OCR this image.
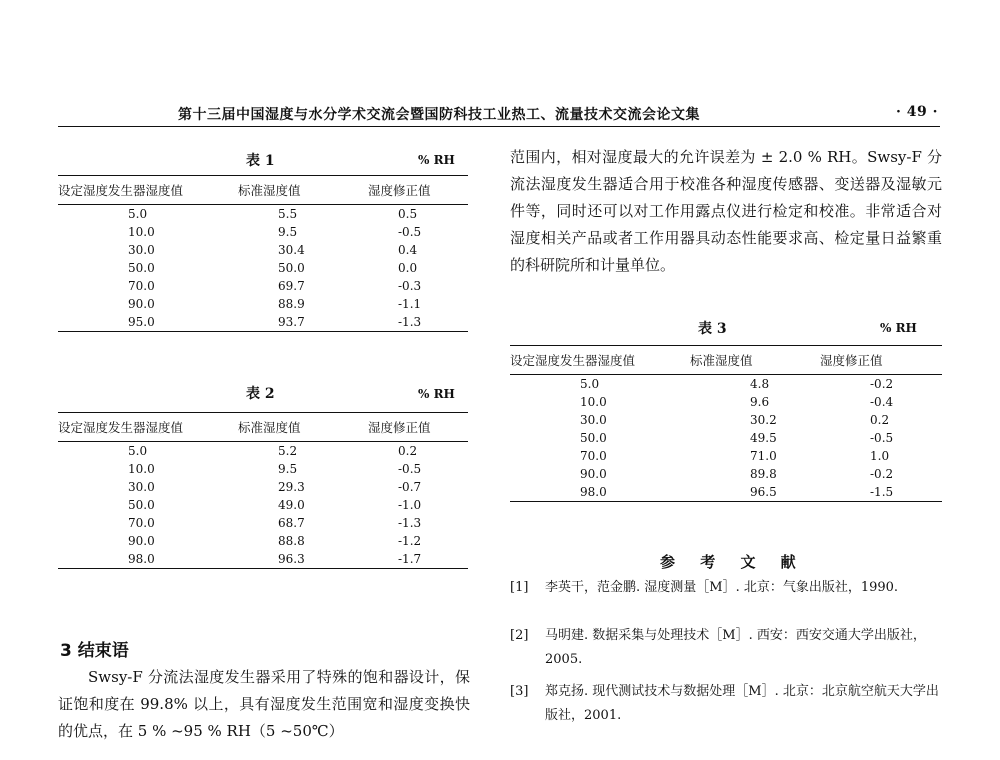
第十三届中国湿度与水分学术交流会暨国防科技工业热工、流量技术交流会论文集	· 49 ·
表 1	% RH
设定湿度发生器湿度值	标准湿度值	湿度修正值
5.0	5.5	0.5
10.0	9.5	-0.5
30.0	30.4	0.4
50.0	50.0	0.0
70.0	69.7	-0.3
90.0	88.9	-1.1
95.0	93.7	-1.3
表 2	% RH
设定湿度发生器湿度值	标准湿度值	湿度修正值
5.0	5.2	0.2
10.0	9.5	-0.5
30.0	29.3	-0.7
50.0	49.0	-1.0
70.0	68.7	-1.3
90.0	88.8	-1.2
98.0	96.3	-1.7
3 结束语

Swsy-F 分流法湿度发生器采用了特殊的饱和器设计，保证饱和度在 99.8% 以上，具有湿度发生范围宽和湿度变换快的优点，在 5 % ~95 % RH（5 ~50℃）

范围内，相对湿度最大的允许误差为 ± 2.0 % RH。Swsy-F 分流法湿度发生器适合用于校准各种湿度传感器、变送器及湿敏元件等，同时还可以对工作用露点仪进行检定和校准。非常适合对湿度相关产品或者工作用器具动态性能要求高、检定量日益繁重的科研院所和计量单位。

表 3	% RH
设定湿度发生器湿度值	标准湿度值	湿度修正值
5.0	4.8	-0.2
10.0	9.6	-0.4
30.0	30.2	0.2
50.0	49.5	-0.5
70.0	71.0	1.0
90.0	89.8	-0.2
98.0	96.5	-1.5
参 考 文 献
[1]	李英干，范金鹏. 湿度测量［M］. 北京：气象出版社，1990.
[2]	马明建. 数据采集与处理技术［M］. 西安：西安交通大学出版社，2005.
[3]	郑克扬. 现代测试技术与数据处理［M］. 北京：北京航空航天大学出版社，2001.
